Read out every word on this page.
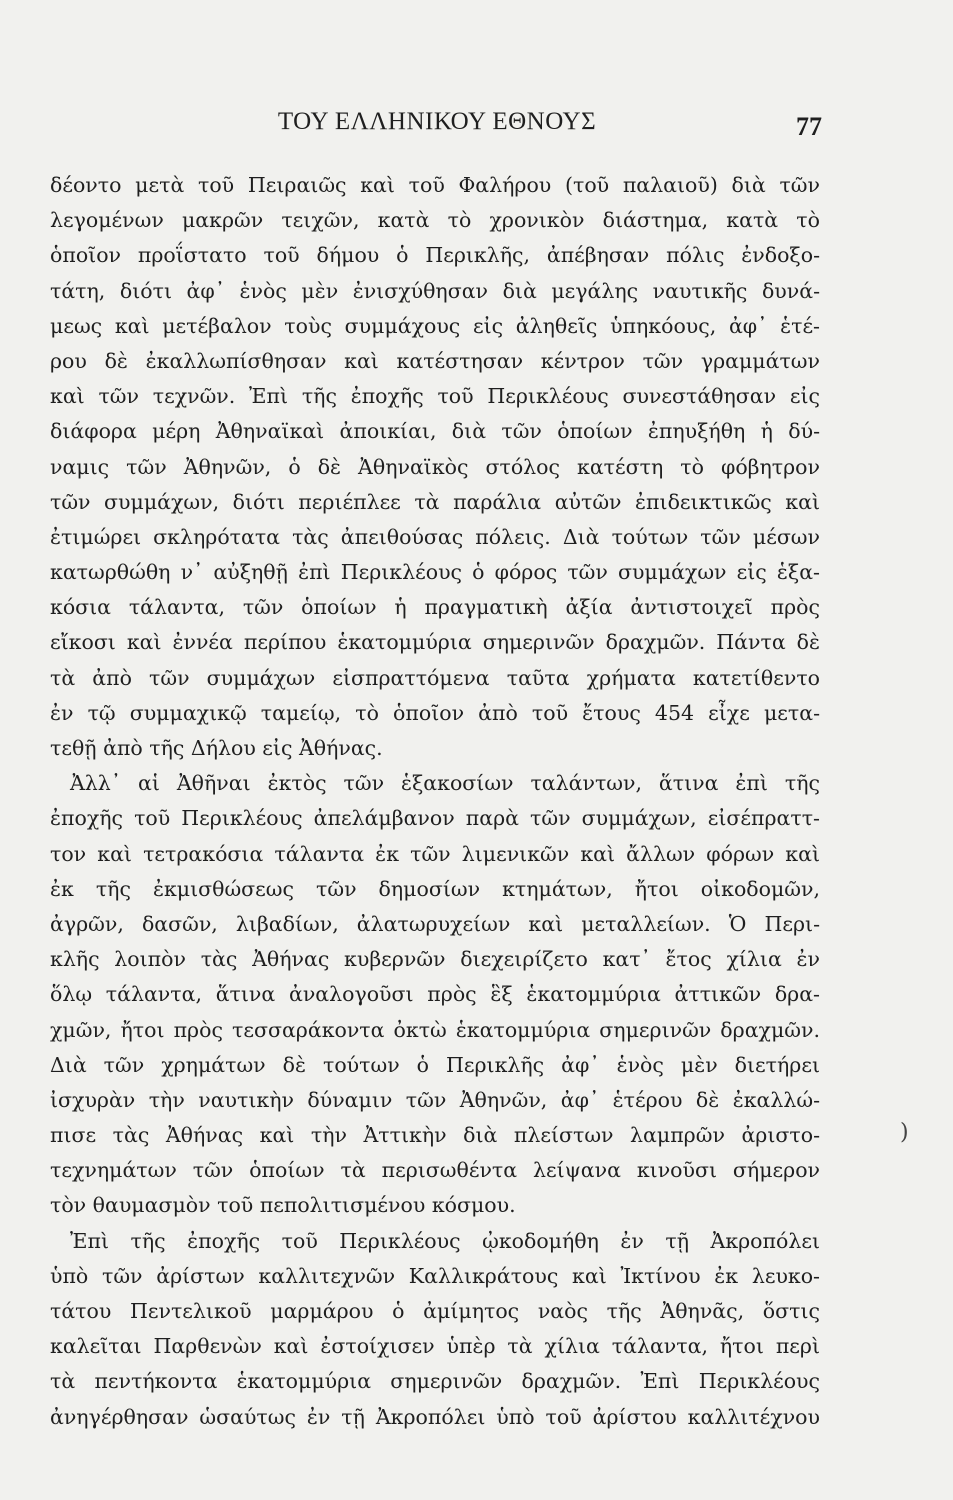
ΤΟΥ ΕΛΛΗΝΙΚΟΥ ΕΘΝΟΥΣ	77
δέοντο μετὰ τοῦ Πειραιῶς καὶ τοῦ Φαλήρου (τοῦ παλαιοῦ) διὰ τῶν
λεγομένων μακρῶν τειχῶν, κατὰ τὸ χρονικὸν διάστημα, κατὰ τὸ
ὁποῖον προΐστατο τοῦ δήμου ὁ Περικλῆς, ἀπέβησαν πόλις ἐνδοξο-
τάτη, διότι ἀφ᾿ ἑνὸς μὲν ἐνισχύθησαν διὰ μεγάλης ναυτικῆς δυνά-
μεως καὶ μετέβαλον τοὺς συμμάχους εἰς ἀληθεῖς ὑπηκόους, ἀφ᾿ ἑτέ-
ρου δὲ ἐκαλλωπίσθησαν καὶ κατέστησαν κέντρον τῶν γραμμάτων
καὶ τῶν τεχνῶν. Ἐπὶ τῆς ἐποχῆς τοῦ Περικλέους συνεστάθησαν εἰς
διάφορα μέρη Ἀθηναϊκαὶ ἀποικίαι, διὰ τῶν ὁποίων ἐπηυξήθη ἡ δύ-
ναμις τῶν Ἀθηνῶν, ὁ δὲ Ἀθηναϊκὸς στόλος κατέστη τὸ φόβητρον
τῶν συμμάχων, διότι περιέπλεε τὰ παράλια αὐτῶν ἐπιδεικτικῶς καὶ
ἐτιμώρει σκληρότατα τὰς ἀπειθούσας πόλεις. Διὰ τούτων τῶν μέσων
κατωρθώθη ν᾿ αὐξηθῇ ἐπὶ Περικλέους ὁ φόρος τῶν συμμάχων εἰς ἑξα-
κόσια τάλαντα, τῶν ὁποίων ἡ πραγματικὴ ἀξία ἀντιστοιχεῖ πρὸς
εἴκοσι καὶ ἐννέα περίπου ἑκατομμύρια σημερινῶν δραχμῶν. Πάντα δὲ
τὰ ἀπὸ τῶν συμμάχων εἰσπραττόμενα ταῦτα χρήματα κατετίθεντο
ἐν τῷ συμμαχικῷ ταμείῳ, τὸ ὁποῖον ἀπὸ τοῦ ἔτους 454 εἶχε μετα-
τεθῇ ἀπὸ τῆς Δήλου εἰς Ἀθήνας.
Ἀλλ᾿ αἱ Ἀθῆναι ἐκτὸς τῶν ἑξακοσίων ταλάντων, ἅτινα ἐπὶ τῆς
ἐποχῆς τοῦ Περικλέους ἀπελάμβανον παρὰ τῶν συμμάχων, εἰσέπραττ-
τον καὶ τετρακόσια τάλαντα ἐκ τῶν λιμενικῶν καὶ ἄλλων φόρων καὶ
ἐκ τῆς ἐκμισθώσεως τῶν δημοσίων κτημάτων, ἤτοι οἰκοδομῶν,
ἀγρῶν, δασῶν, λιβαδίων, ἀλατωρυχείων καὶ μεταλλείων. Ὁ Περι-
κλῆς λοιπὸν τὰς Ἀθήνας κυβερνῶν διεχειρίζετο κατ᾿ ἔτος χίλια ἐν
ὅλῳ τάλαντα, ἅτινα ἀναλογοῦσι πρὸς ἓξ ἑκατομμύρια ἀττικῶν δρα-
χμῶν, ἤτοι πρὸς τεσσαράκοντα ὀκτὼ ἑκατομμύρια σημερινῶν δραχμῶν.
Διὰ τῶν χρημάτων δὲ τούτων ὁ Περικλῆς ἀφ᾿ ἑνὸς μὲν διετήρει
ἰσχυρὰν τὴν ναυτικὴν δύναμιν τῶν Ἀθηνῶν, ἀφ᾿ ἑτέρου δὲ ἐκαλλώ-
πισε τὰς Ἀθήνας καὶ τὴν Ἀττικὴν διὰ πλείστων λαμπρῶν ἀριστο-
τεχνημάτων τῶν ὁποίων τὰ περισωθέντα λείψανα κινοῦσι σήμερον
τὸν θαυμασμὸν τοῦ πεπολιτισμένου κόσμου.
Ἐπὶ τῆς ἐποχῆς τοῦ Περικλέους ᾠκοδομήθη ἐν τῇ Ἀκροπόλει
ὑπὸ τῶν ἀρίστων καλλιτεχνῶν Καλλικράτους καὶ Ἰκτίνου ἐκ λευκο-
τάτου Πεντελικοῦ μαρμάρου ὁ ἀμίμητος ναὸς τῆς Ἀθηνᾶς, ὅστις
καλεῖται Παρθενὼν καὶ ἐστοίχισεν ὑπὲρ τὰ χίλια τάλαντα, ἤτοι περὶ
τὰ πεντήκοντα ἑκατομμύρια σημερινῶν δραχμῶν. Ἐπὶ Περικλέους
ἀνηγέρθησαν ὡσαύτως ἐν τῇ Ἀκροπόλει ὑπὸ τοῦ ἀρίστου καλλιτέχνου
)
